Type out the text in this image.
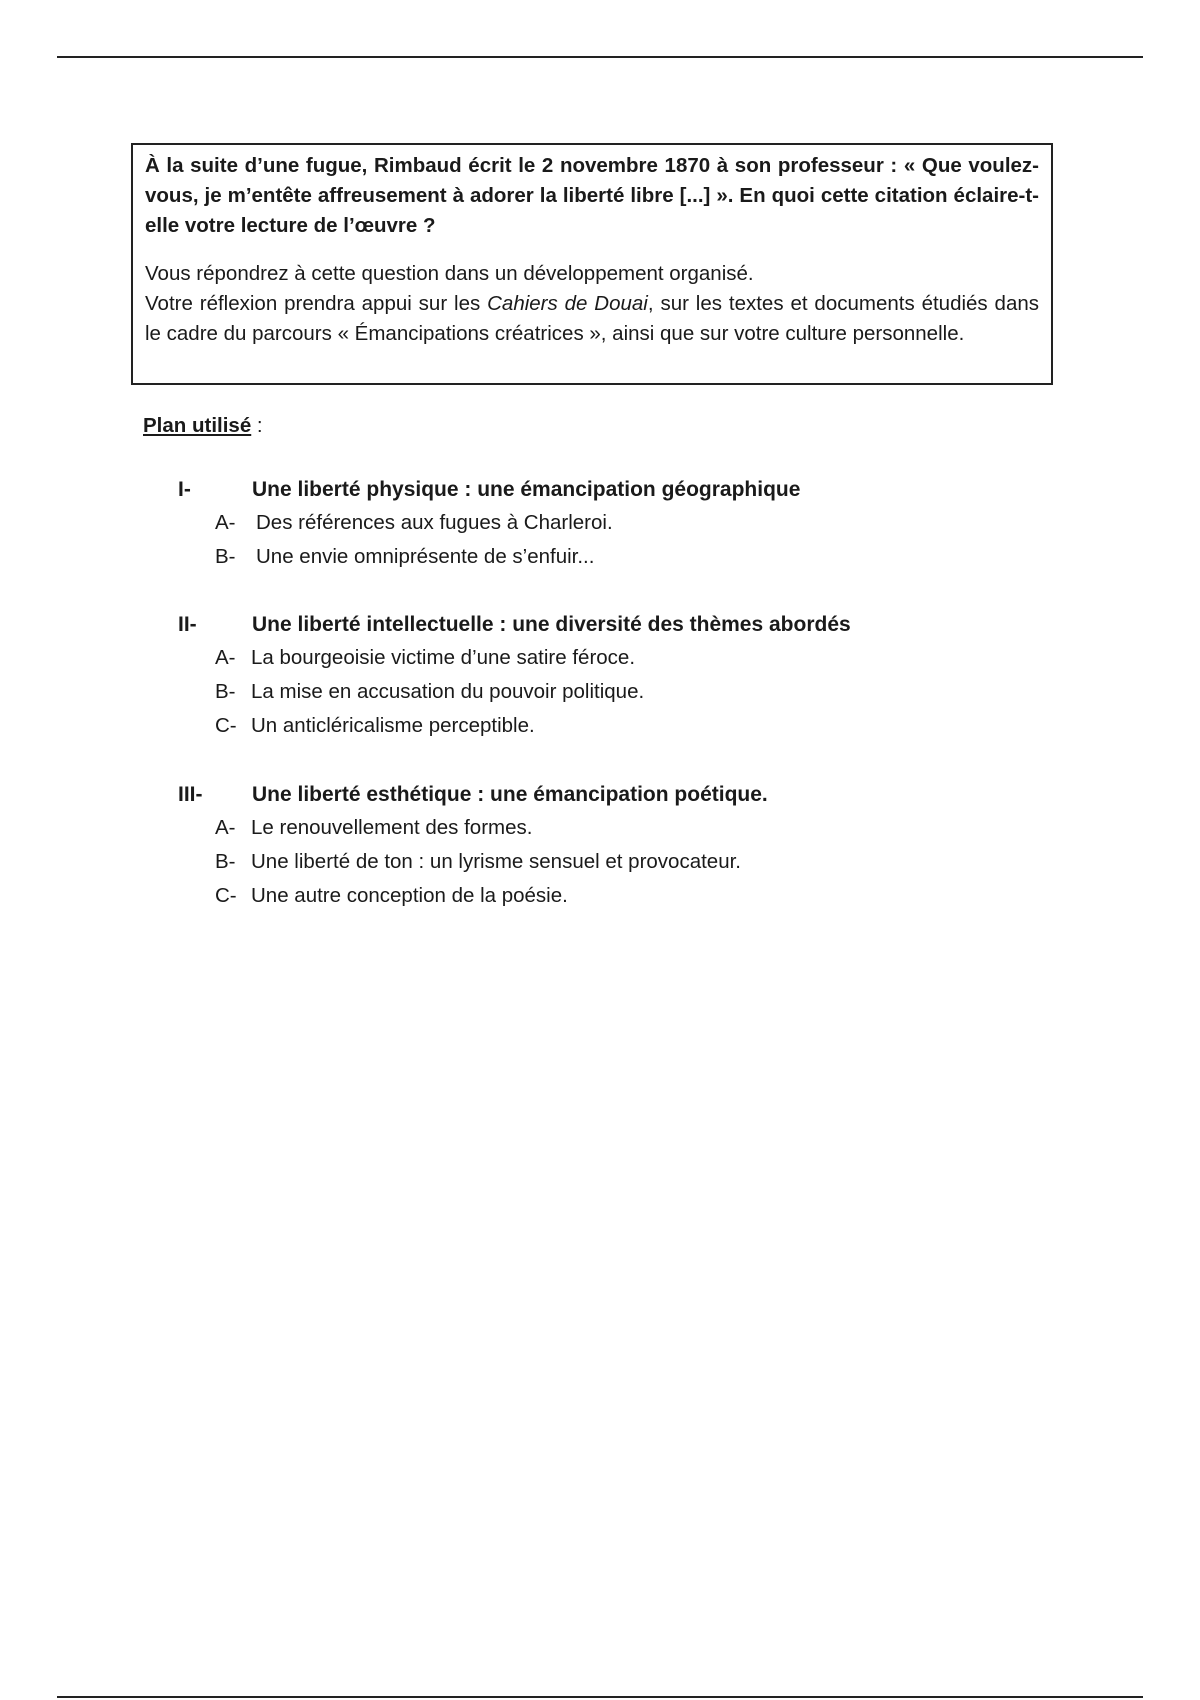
À la suite d’une fugue, Rimbaud écrit le 2 novembre 1870 à son professeur : « Que voulez-vous, je m’entête affreusement à adorer la liberté libre [...] ». En quoi cette citation éclaire-t-elle votre lecture de l’œuvre ?

Vous répondrez à cette question dans un développement organisé.

Votre réflexion prendra appui sur les Cahiers de Douai, sur les textes et documents étudiés dans le cadre du parcours « Émancipations créatrices », ainsi que sur votre culture personnelle.

Plan utilisé :
I-	Une liberté physique : une émancipation géographique
A- Des références aux fugues à Charleroi.
B- Une envie omniprésente de s’enfuir...
II-	Une liberté intellectuelle : une diversité des thèmes abordés
A- La bourgeoisie victime d’une satire féroce.
B- La mise en accusation du pouvoir politique.
C- Un anticléricalisme perceptible.
III- Une liberté esthétique : une émancipation poétique.
A- Le renouvellement des formes.
B- Une liberté de ton : un lyrisme sensuel et provocateur.
C- Une autre conception de la poésie.
